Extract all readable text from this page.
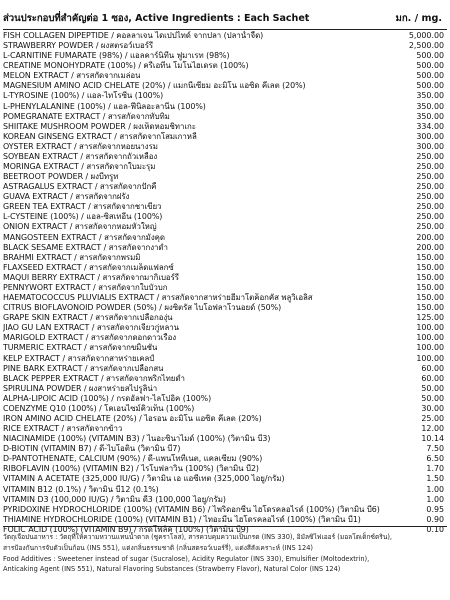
ส่วนประกอบที่สำคัญต่อ 1 ซอง, Active Ingredients : Each Sachet	มก. / mg.
FISH COLLAGEN DIPEPTIDE / คอลลาเจน ไดเปปไทด์ จากปลา (ปลาน้ำจืด)	5,000.00
STRAWBERRY POWDER / ผงสตรอว์เบอร์รี่	2,500.00
L-CARNITINE FUMARATE (98%) / แอลคาร์นิทีน ฟูมาเรท (98%)	500.00
CREATINE MONOHYDRATE (100%) / ครีเอทีน โมโนไฮเดรต (100%)	500.00
MELON EXTRACT / สารสกัดจากเมล่อน	500.00
MAGNESIUM AMINO ACID CHELATE (20%) / แมกนีเซียม อะมิโน แอซิด คีเลต (20%)	500.00
L-TYROSINE (100%) / แอล-ไทโรซีน (100%)	350.00
L-PHENYLALANINE (100%) / แอล-ฟีนิลอะลานีน (100%)	350.00
POMEGRANATE EXTRACT / สารสกัดจากทับทิม	350.00
SHIITAKE MUSHROOM POWDER / ผงเห็ดหอมชิทาเกะ	334.00
KOREAN GINSENG EXTRACT / สารสกัดจากโสมเกาหลี	300.00
OYSTER EXTRACT / สารสกัดจากหอยนางรม	300.00
SOYBEAN EXTRACT / สารสกัดจากถั่วเหลือง	250.00
MORINGA EXTRACT / สารสกัดจากใบมะรุม	250.00
BEETROOT POWDER / ผงบีทรูท	250.00
ASTRAGALUS EXTRACT / สารสกัดจากปักคี้	250.00
GUAVA EXTRACT / สารสกัดจากฝรั่ง	250.00
GREEN TEA EXTRACT / สารสกัดจากชาเขียว	250.00
L-CYSTEINE (100%) / แอล-ซิสเทอีน (100%)	250.00
ONION EXTRACT / สารสกัดจากหอมหัวใหญ่	250.00
MANGOSTEEN EXTRACT / สารสกัดจากมังคุด	200.00
BLACK SESAME EXTRACT / สารสกัดจากงาดำ	200.00
BRAHMI EXTRACT / สารสกัดจากพรมมิ	150.00
FLAXSEED EXTRACT / สารสกัดจากเมล็ดแฟลกซ์	150.00
MAQUI BERRY EXTRACT / สารสกัดจากมากิเบอร์รี่	150.00
PENNYWORT EXTRACT / สารสกัดจากใบบัวบก	150.00
HAEMATOCOCCUS PLUVIALIS EXTRACT / สารสกัดจากสาหร่ายฮีมาโตค็อกคัส พลูวิเอลิส	150.00
CITRUS BIOFLAVONOID POWDER (50%) / ผงซิตรัส ไบโอฟลาโวนอยด์ (50%)	150.00
GRAPE SKIN EXTRACT / สารสกัดจากเปลือกองุ่น	125.00
JIAO GU LAN EXTRACT / สารสกัดจากเจียวกู่หลาน	100.00
MARIGOLD EXTRACT / สารสกัดจากดอกดาวเรือง	100.00
TURMERIC EXTRACT / สารสกัดจากขมิ้นชัน	100.00
KELP EXTRACT / สารสกัดจากสาหร่ายเคลป์	100.00
PINE BARK EXTRACT / สารสกัดจากเปลือกสน	60.00
BLACK PEPPER EXTRACT / สารสกัดจากพริกไทยดำ	60.00
SPIRULINA POWDER / ผงสาหร่ายสไปรูลิน่า	50.00
ALPHA-LIPOIC ACID (100%) / กรดอัลฟา-ไลโปอิค (100%)	50.00
COENZYME Q10 (100%) / โคเอนไซม์คิวเท็น (100%)	30.00
IRON AMINO ACID CHELATE (20%) / ไอรอน อะมิโน แอซิด คีเลต (20%)	25.00
RICE EXTRACT / สารสกัดจากข้าว	12.00
NIACINAMIDE (100%) (VITAMIN B3) / ไนอะซินาไมด์ (100%) (วิตามิน บี3)	10.14
D-BIOTIN (VITAMIN B7) / ดี-ไบโอติน (วิตามิน บี7)	7.50
D-PANTOTHENATE, CALCIUM (90%) / ดี-แพนโททีเนต, แคลเซียม (90%)	6.50
RIBOFLAVIN (100%) (VITAMIN B2) / ไรโบฟลาวิน (100%) (วิตามิน บี2)	1.70
VITAMIN A ACETATE (325,000 IU/G) / วิตามิน เอ แอซีเทต (325,000 ไอยู/กรัม)	1.50
VITAMIN B12 (0.1%) / วิตามิน บี12 (0.1%)	1.00
VITAMIN D3 (100,000 IU/G) / วิตามิน ดี3 (100,000 ไอยู/กรัม)	1.00
PYRIDOXINE HYDROCHLORIDE (100%) (VITAMIN B6) / ไพริดอกซีน ไฮโดรคลอไรด์ (100%) (วิตามิน บี6)	0.95
THIAMINE HYDROCHLORIDE (100%) (VITAMIN B1) / ไทอะมีน ไฮโดรคลอไรด์ (100%) (วิตามิน บี1)	0.90
FOLIC ACID (100%) (VITAMIN B9) / กรดโฟลิค (100%) (วิตามิน บี9)	0.10
วัตถุเจือปนอาหาร : วัตถุที่ให้ความหวานแทนน้ำตาล (ซูคราโลส), สารควบคุมความเป็นกรด (INS 330), อิมัลซิไฟเออร์ (มอลโตเด็กซ์ตริน),
สารป้องกันการจับตัวเป็นก้อน (INS 551), แต่งกลิ่นธรรมชาติ (กลิ่นสตรอว์เบอร์รี่), แต่งสีสังเคราะห์ (INS 124)
Food Additives : Sweetener instead of sugar (Sucralose), Acidity Regulator (INS 330), Emulsifier (Moltodextrin),
Anticaking Agent (INS 551), Natural Flavoring Substances (Strawberry Flavor), Natural Color (INS 124)
